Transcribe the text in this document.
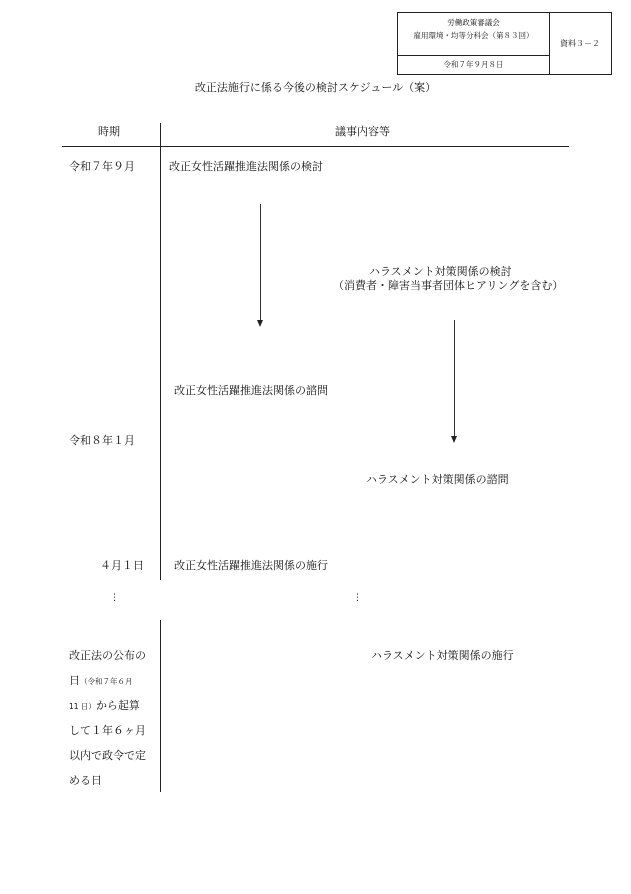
労働政策審議会
雇用環境・均等分科会（第８３回）
令和７年９月８日
資料３－２
改正法施行に係る今後の検討スケジュール（案）
時期	議事内容等
令和７年９月
令和８年１月
４月１日
改正女性活躍推進法関係の検討
改正女性活躍推進法関係の諮問
改正女性活躍推進法関係の施行
ハラスメント対策関係の検討
（消費者・障害当事者団体ヒアリングを含む）
ハラスメント対策関係の諮問
ハラスメント対策関係の施行
⋮	⋮
改正法の公布の
日（令和７年６月
11 日）から起算
して１年６ヶ月
以内で政令で定
める日
